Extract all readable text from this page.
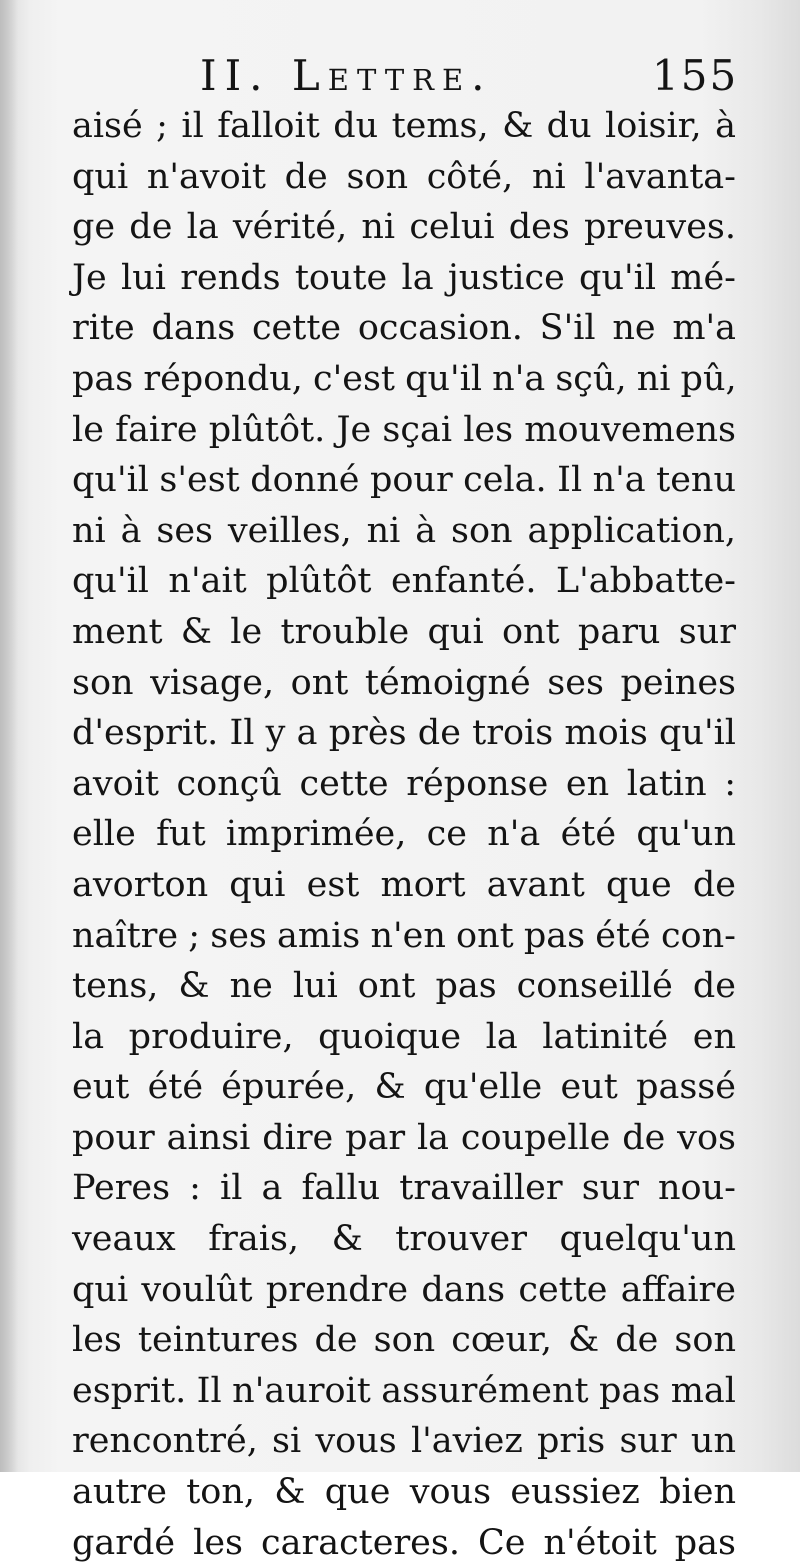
II. Lettre.	155
aisé ; il falloit du tems, & du loisir, à
qui n'avoit de son côté, ni l'avanta-
ge de la vérité, ni celui des preuves.
Je lui rends toute la justice qu'il mé-
rite dans cette occasion. S'il ne m'a
pas répondu, c'est qu'il n'a sçû, ni pû,
le faire plûtôt. Je sçai les mouvemens
qu'il s'est donné pour cela. Il n'a tenu
ni à ses veilles, ni à son application,
qu'il n'ait plûtôt enfanté. L'abbatte-
ment & le trouble qui ont paru sur
son visage, ont témoigné ses peines
d'esprit. Il y a près de trois mois qu'il
avoit conçû cette réponse en latin :
elle fut imprimée, ce n'a été qu'un
avorton qui est mort avant que de
naître ; ses amis n'en ont pas été con-
tens, & ne lui ont pas conseillé de
la produire, quoique la latinité en
eut été épurée, & qu'elle eut passé
pour ainsi dire par la coupelle de vos
Peres : il a fallu travailler sur nou-
veaux frais, & trouver quelqu'un
qui voulût prendre dans cette affaire
les teintures de son cœur, & de son
esprit. Il n'auroit assurément pas mal
rencontré, si vous l'aviez pris sur un
autre ton, & que vous eussiez bien
gardé les caracteres. Ce n'étoit pas
